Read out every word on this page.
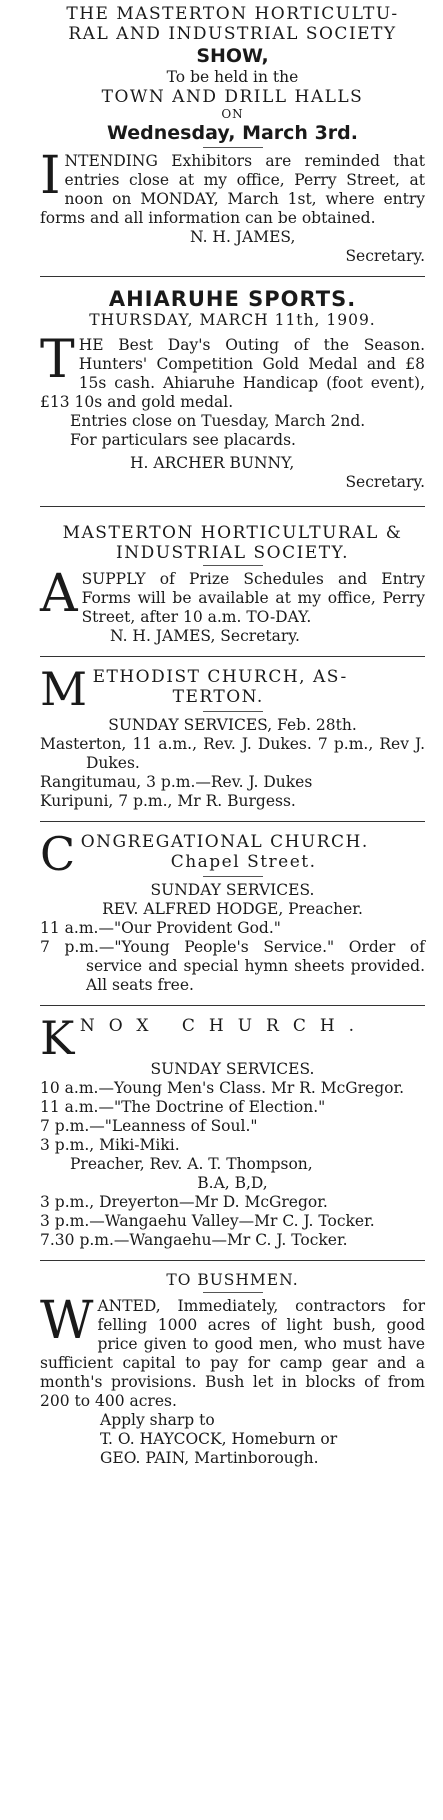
THE MASTERTON HORTICULTU-

RAL AND INDUSTRIAL SOCIETY

SHOW,

To be held in the

TOWN AND DRILL HALLS

ON

Wednesday, March 3rd.

INTENDING Exhibitors are reminded that entries close at my office, Perry Street, at noon on MONDAY, March 1st, where entry forms and all information can be obtained.

N. H. JAMES,

Secretary.

AHIARUHE SPORTS.

THURSDAY, MARCH 11th, 1909.

THE Best Day's Outing of the Season. Hunters' Competition Gold Medal and £8 15s cash. Ahiaruhe Handicap (foot event), £13 10s and gold medal.

Entries close on Tuesday, March 2nd.

For particulars see placards.

H. ARCHER BUNNY,

Secretary.

MASTERTON HORTICULTURAL &

INDUSTRIAL SOCIETY.

ASUPPLY of Prize Schedules and Entry Forms will be available at my office, Perry Street, after 10 a.m. TO-DAY.

N. H. JAMES, Secretary.

METHODIST CHURCH, AS-
TERTON.

SUNDAY SERVICES, Feb. 28th.

Masterton, 11 a.m., Rev. J. Dukes. 7 p.m., Rev J. Dukes.

Rangitumau, 3 p.m.—Rev. J. Dukes

Kuripuni, 7 p.m., Mr R. Burgess.

CONGREGATIONAL CHURCH.
Chapel Street.

SUNDAY SERVICES.

REV. ALFRED HODGE, Preacher.

11 a.m.—"Our Provident God."

7 p.m.—"Young People's Service." Order of service and special hymn sheets provided. All seats free.

KNOX CHURCH.

SUNDAY SERVICES.

10 a.m.—Young Men's Class. Mr R. McGregor.

11 a.m.—"The Doctrine of Election."

7 p.m.—"Leanness of Soul."

3 p.m., Miki-Miki.

Preacher, Rev. A. T. Thompson,

B.A, B,D,

3 p.m., Dreyerton—Mr D. McGregor.

3 p.m.—Wangaehu Valley—Mr C. J. Tocker.

7.30 p.m.—Wangaehu—Mr C. J. Tocker.

TO BUSHMEN.

WANTED, Immediately, contractors for felling 1000 acres of light bush, good price given to good men, who must have sufficient capital to pay for camp gear and a month's provisions. Bush let in blocks of from 200 to 400 acres.

Apply sharp to

T. O. HAYCOCK, Homeburn or

GEO. PAIN, Martinborough.
